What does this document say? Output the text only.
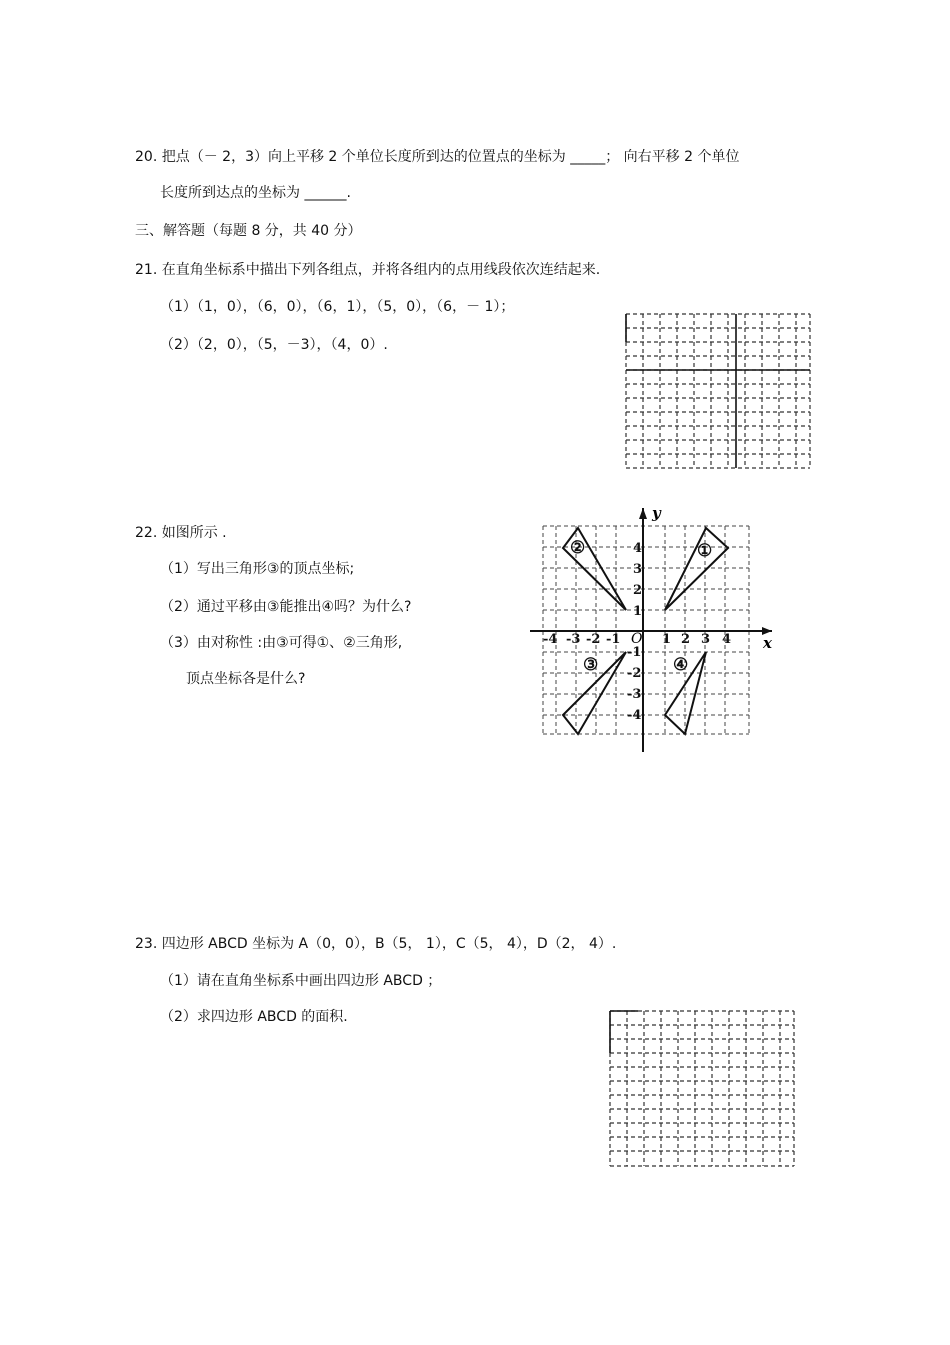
20. 把点（－ 2，3）向上平移 2 个单位长度所到达的位置点的坐标为 _____； 向右平移 2 个单位
长度所到达点的坐标为 ______.
三、解答题（每题 8 分，共 40 分）
21. 在直角坐标系中描出下列各组点，并将各组内的点用线段依次连结起来.
（1）（1，0），（6，0），（6，1），（5，0），（6，－ 1）；
（2）（2，0），（5，－3），（4，0）.
22. 如图所示 .
（1）写出三角形③的顶点坐标;
（2）通过平移由③能推出④吗？为什么?
（3）由对称性 :由③可得①、②三角形,
顶点坐标各是什么?
x
y
O
-4 -3 -2 -1	1 2 3 4
4
3
2
1
-1
-2
-3
-4
①
②
③	④
23. 四边形 ABCD 坐标为 A（0，0），B（5， 1），C（5， 4），D（2， 4）.
（1）请在直角坐标系中画出四边形 ABCD ；
（2）求四边形 ABCD 的面积.
